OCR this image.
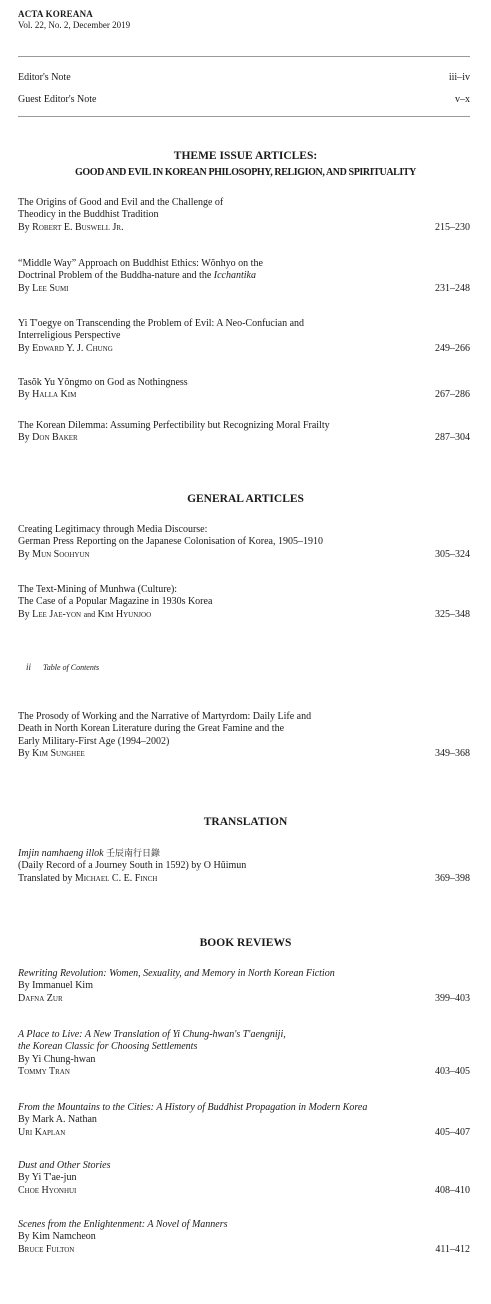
ACTA KOREANA
Vol. 22, No. 2, December 2019
Editor's Note	iii–iv
Guest Editor's Note	v–x
THEME ISSUE ARTICLES:
GOOD AND EVIL IN KOREAN PHILOSOPHY, RELIGION, AND SPIRITUALITY
The Origins of Good and Evil and the Challenge of
Theodicy in the Buddhist Tradition
By Robert E. Buswell Jr.	215–230
“Middle Way” Approach on Buddhist Ethics: Wŏnhyo on the
Doctrinal Problem of the Buddha-nature and the Icchantika
By Lee Sumi	231–248
Yi T'oegye on Transcending the Problem of Evil: A Neo-Confucian and
Interreligious Perspective
By Edward Y. J. Chung	249–266
Tasŏk Yu Yŏngmo on God as Nothingness
By Halla Kim	267–286
The Korean Dilemma: Assuming Perfectibility but Recognizing Moral Frailty
By Don Baker	287–304
GENERAL ARTICLES
Creating Legitimacy through Media Discourse:
German Press Reporting on the Japanese Colonisation of Korea, 1905–1910
By Mun Soohyun	305–324
The Text-Mining of Munhwa (Culture):
The Case of a Popular Magazine in 1930s Korea
By Lee Jae-yon and Kim Hyunjoo	325–348
ii Table of Contents
The Prosody of Working and the Narrative of Martyrdom: Daily Life and
Death in North Korean Literature during the Great Famine and the
Early Military-First Age (1994–2002)
By Kim Sunghee	349–368
TRANSLATION
Imjin namhaeng illok 壬辰南行日錄
(Daily Record of a Journey South in 1592) by O Hŭimun
Translated by Michael C. E. Finch	369–398
BOOK REVIEWS
Rewriting Revolution: Women, Sexuality, and Memory in North Korean Fiction
By Immanuel Kim
Dafna Zur	399–403
A Place to Live: A New Translation of Yi Chung-hwan's T'aengniji,
the Korean Classic for Choosing Settlements
By Yi Chung-hwan
Tommy Tran	403–405
From the Mountains to the Cities: A History of Buddhist Propagation in Modern Korea
By Mark A. Nathan
Uri Kaplan	405–407
Dust and Other Stories
By Yi T'ae-jun
Choe Hyonhui	408–410
Scenes from the Enlightenment: A Novel of Manners
By Kim Namcheon
Bruce Fulton	411–412
